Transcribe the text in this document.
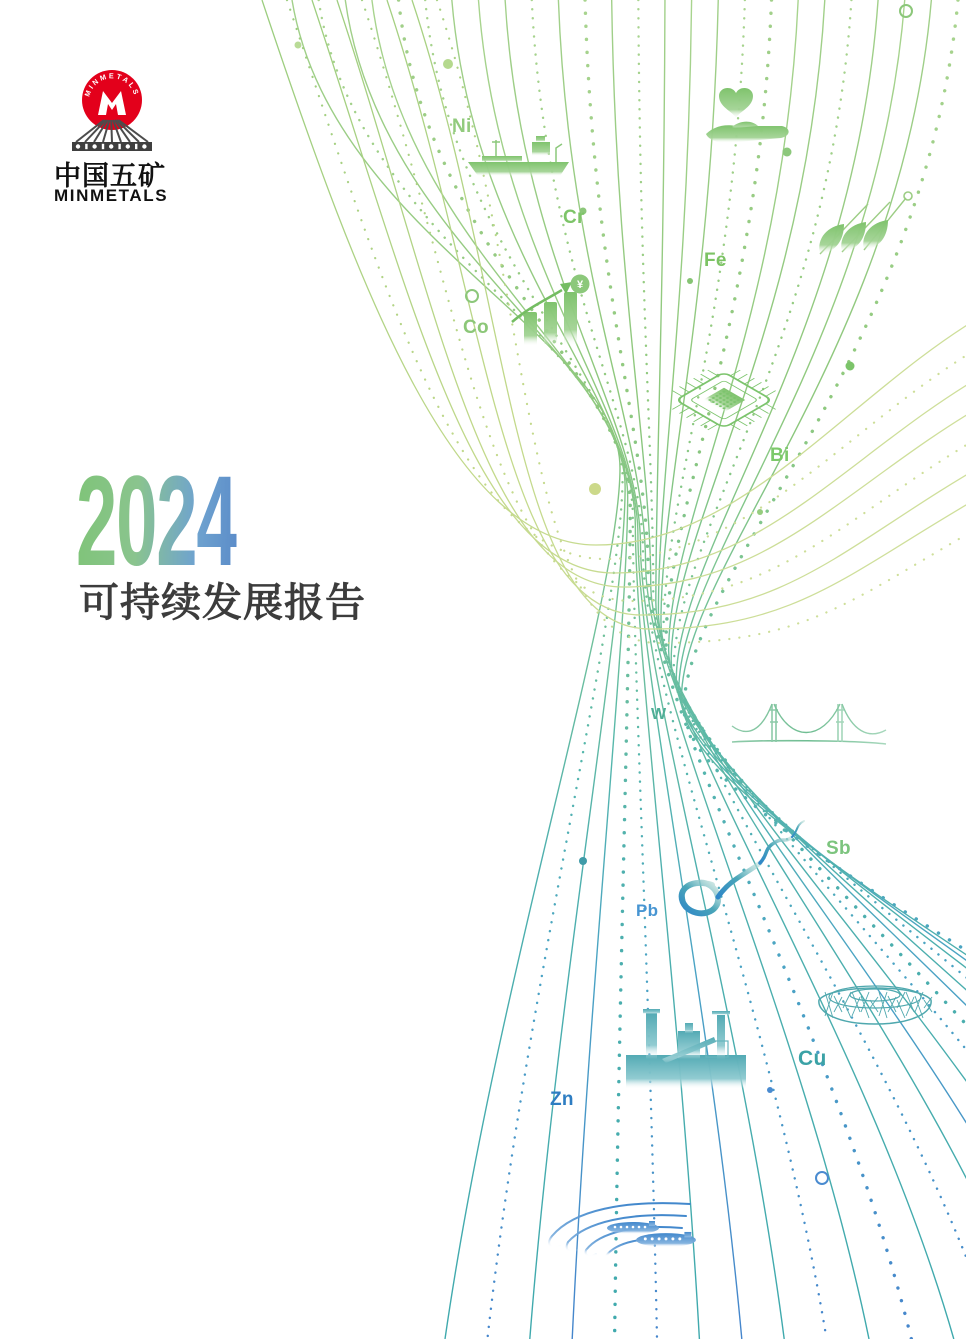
¥
Ni
Cr
Fe
Co
Bi
W
Sb
Pb
Zn
Cu
MINMETALS
中国五矿
MINMETALS
2024
可持续发展报告
